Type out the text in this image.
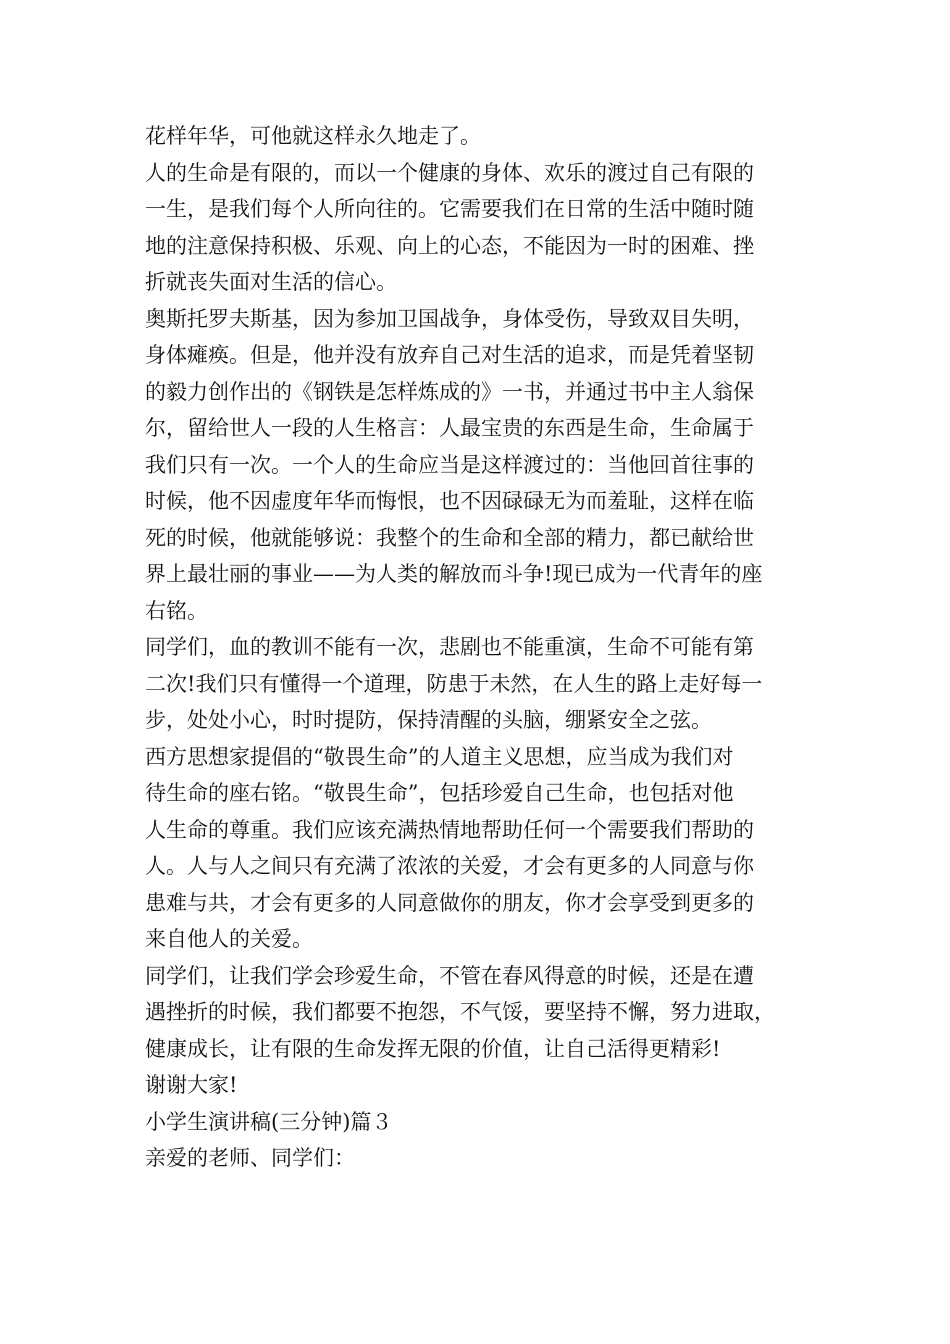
花样年华，可他就这样永久地走了。

人的生命是有限的，而以一个健康的身体、欢乐的渡过自己有限的
一生，是我们每个人所向往的。它需要我们在日常的生活中随时随
地的注意保持积极、乐观、向上的心态，不能因为一时的困难、挫
折就丧失面对生活的信心。

奥斯托罗夫斯基，因为参加卫国战争，身体受伤，导致双目失明，
身体瘫痪。但是，他并没有放弃自己对生活的追求，而是凭着坚韧
的毅力创作出的《钢铁是怎样炼成的》一书，并通过书中主人翁保
尔，留给世人一段的人生格言：人最宝贵的东西是生命，生命属于
我们只有一次。一个人的生命应当是这样渡过的：当他回首往事的
时候，他不因虚度年华而悔恨，也不因碌碌无为而羞耻，这样在临
死的时候，他就能够说：我整个的生命和全部的精力，都已献给世
界上最壮丽的事业——为人类的解放而斗争!现已成为一代青年的座
右铭。

同学们，血的教训不能有一次，悲剧也不能重演，生命不可能有第
二次!我们只有懂得一个道理，防患于未然，在人生的路上走好每一
步，处处小心，时时提防，保持清醒的头脑，绷紧安全之弦。

西方思想家提倡的“敬畏生命”的人道主义思想，应当成为我们对
待生命的座右铭。“敬畏生命”，包括珍爱自己生命，也包括对他
人生命的尊重。我们应该充满热情地帮助任何一个需要我们帮助的
人。人与人之间只有充满了浓浓的关爱，才会有更多的人同意与你
患难与共，才会有更多的人同意做你的朋友，你才会享受到更多的
来自他人的关爱。

同学们，让我们学会珍爱生命，不管在春风得意的时候，还是在遭
遇挫折的时候，我们都要不抱怨，不气馁，要坚持不懈，努力进取，
健康成长，让有限的生命发挥无限的价值，让自己活得更精彩!

谢谢大家!

小学生演讲稿(三分钟)篇３

亲爱的老师、同学们：
